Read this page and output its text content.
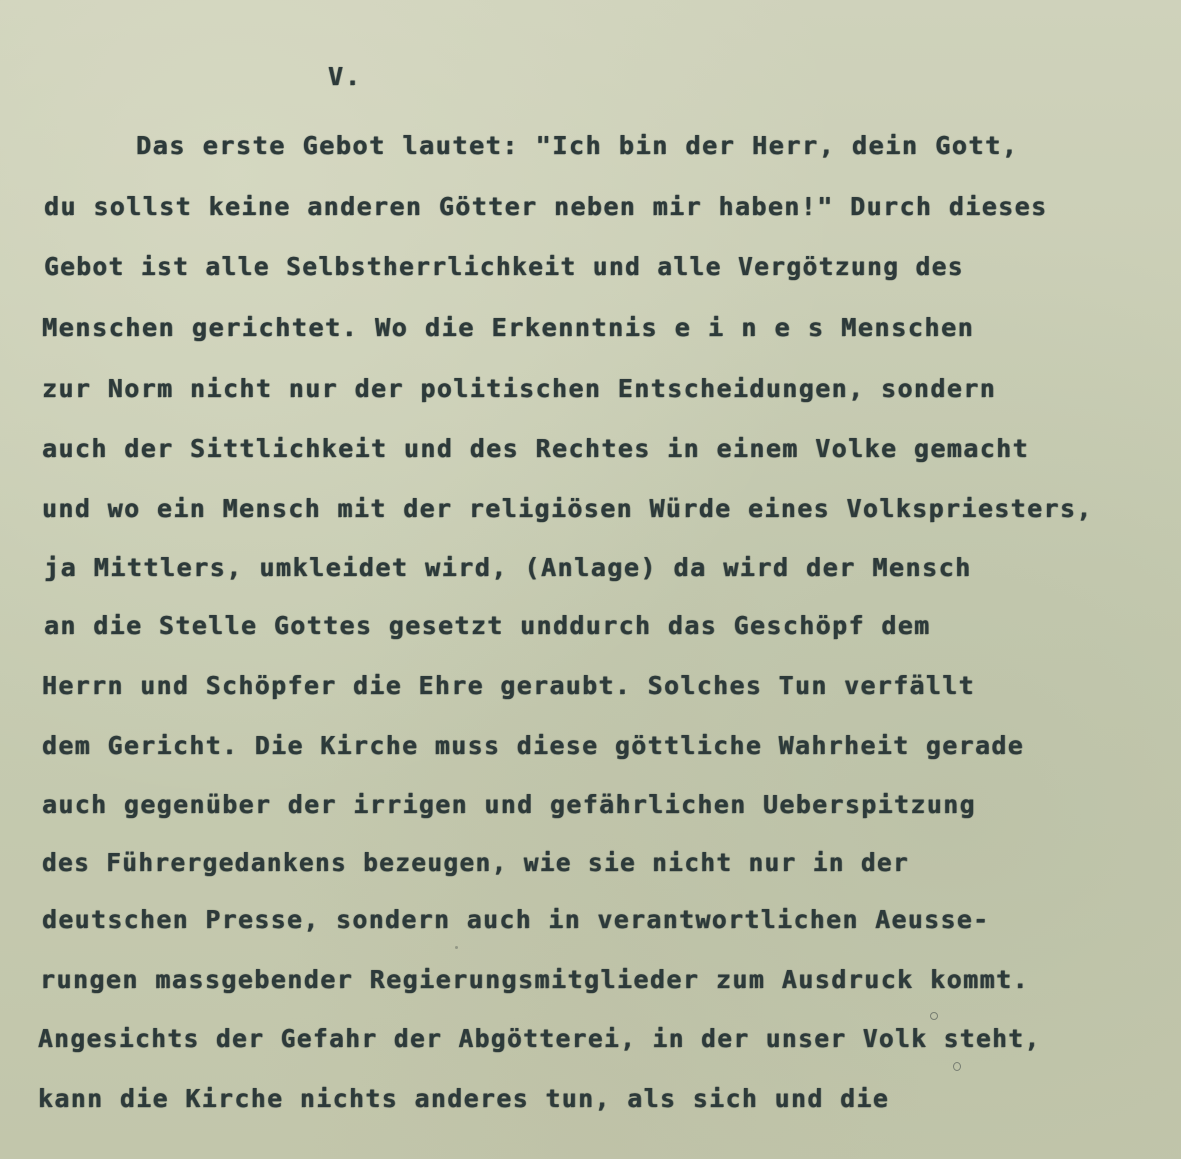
V.
Das erste Gebot lautet: "Ich bin der Herr, dein Gott,
du sollst keine anderen Götter neben mir haben!" Durch dieses
Gebot ist alle Selbstherrlichkeit und alle Vergötzung des
Menschen gerichtet. Wo die Erkenntnis e i n e s Menschen
zur Norm nicht nur der politischen Entscheidungen, sondern
auch der Sittlichkeit und des Rechtes in einem Volke gemacht
und wo ein Mensch mit der religiösen Würde eines Volkspriesters,
ja Mittlers, umkleidet wird, (Anlage) da wird der Mensch
an die Stelle Gottes gesetzt unddurch das Geschöpf dem
Herrn und Schöpfer die Ehre geraubt. Solches Tun verfällt
dem Gericht. Die Kirche muss diese göttliche Wahrheit gerade
auch gegenüber der irrigen und gefährlichen Ueberspitzung
des Führergedankens bezeugen, wie sie nicht nur in der
deutschen Presse, sondern auch in verantwortlichen Aeusse-
rungen massgebender Regierungsmitglieder zum Ausdruck kommt.
Angesichts der Gefahr der Abgötterei, in der unser Volk steht,
kann die Kirche nichts anderes tun, als sich und die
